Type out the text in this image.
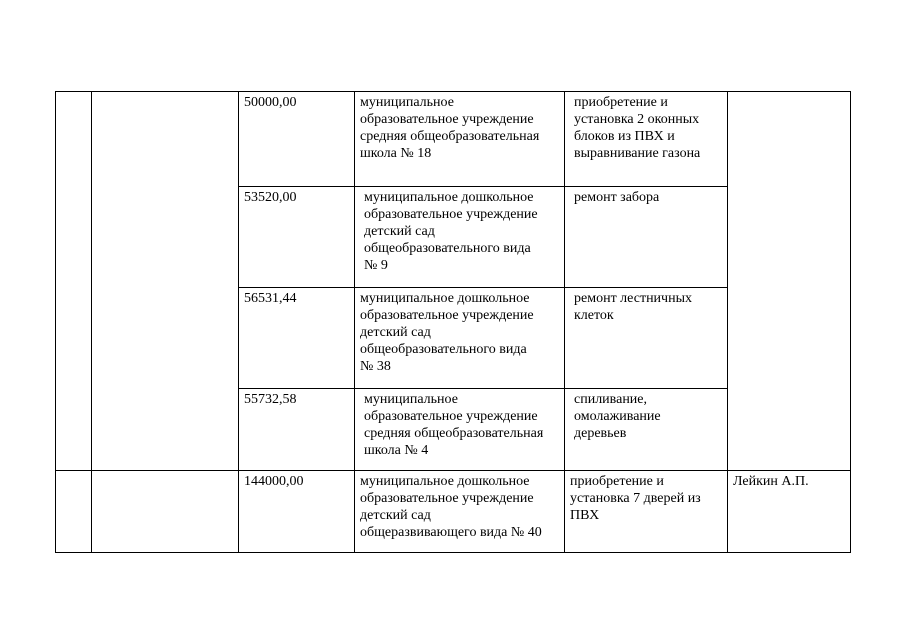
		50000,00	муниципальное
образовательное учреждение
средняя общеобразовательная
школа № 18	приобретение и
установка 2 оконных
блоков из ПВХ и
выравнивание газона	
		53520,00	муниципальное дошкольное
образовательное учреждение
детский сад
общеобразовательного вида
№ 9	ремонт забора	
		56531,44	муниципальное дошкольное
образовательное учреждение
детский сад
общеобразовательного вида
№ 38	ремонт лестничных
клеток	
		55732,58	муниципальное
образовательное учреждение
средняя общеобразовательная
школа № 4	спиливание,
омолаживание
деревьев	
		144000,00	муниципальное дошкольное
образовательное учреждение
детский сад
общеразвивающего вида № 40	приобретение и
установка 7 дверей из
ПВХ	Лейкин А.П.
